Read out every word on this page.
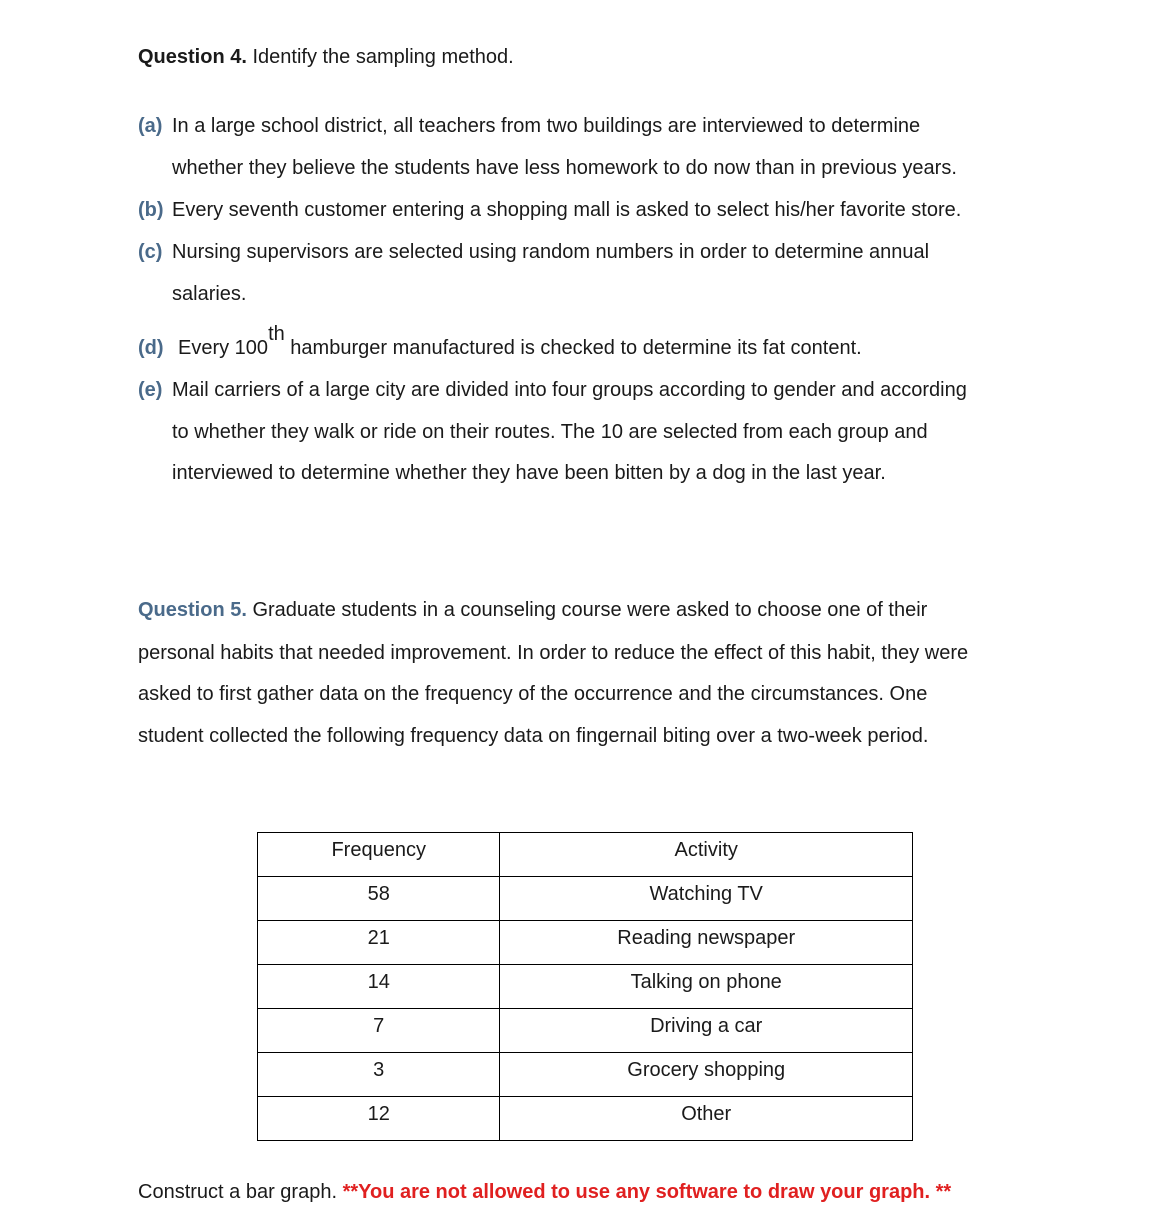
Question 4. Identify the sampling method.
(a) In a large school district, all teachers from two buildings are interviewed to determine
whether they believe the students have less homework to do now than in previous years.
(b) Every seventh customer entering a shopping mall is asked to select his/her favorite store.
(c) Nursing supervisors are selected using random numbers in order to determine annual
salaries.
(d) Every 100th hamburger manufactured is checked to determine its fat content.
(e) Mail carriers of a large city are divided into four groups according to gender and according
to whether they walk or ride on their routes. The 10 are selected from each group and
interviewed to determine whether they have been bitten by a dog in the last year.
Question 5. Graduate students in a counseling course were asked to choose one of their
personal habits that needed improvement. In order to reduce the effect of this habit, they were
asked to first gather data on the frequency of the occurrence and the circumstances. One
student collected the following frequency data on fingernail biting over a two-week period.
Frequency	Activity
58	Watching TV
21	Reading newspaper
14	Talking on phone
7	Driving a car
3	Grocery shopping
12	Other
Construct a bar graph. **You are not allowed to use any software to draw your graph. **
